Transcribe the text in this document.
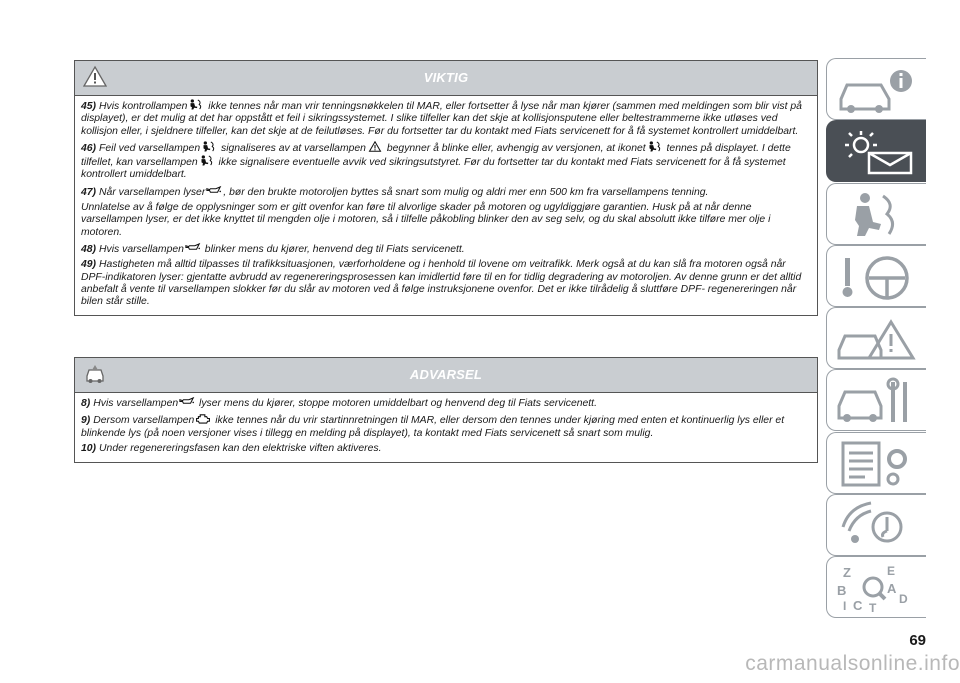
VIKTIG

45) Hvis kontrollampen
ikke tennes når man vrir tenningsnøkkelen til MAR, eller fortsetter å lyse når man kjører (sammen med meldingen som blir vist på displayet), er det mulig at det har oppstått et feil i sikringssystemet. I slike tilfeller kan det skje at kollisjonsputene eller beltestrammerne ikke utløses ved kollisjon eller, i sjeldnere tilfeller, kan det skje at de feilutløses. Før du fortsetter tar du kontakt med Fiats servicenett for å få systemet kontrollert umiddelbart.

46) Feil ved varsellampen
signaliseres av at varsellampen
begynner å blinke eller, avhengig av versjonen, at ikonet
tennes på displayet. I dette tilfellet, kan varsellampen
ikke signalisere eventuelle avvik ved sikringsutstyret. Før du fortsetter tar du kontakt med Fiats servicenett for å få systemet kontrollert umiddelbart.

47) Når varsellampen lyser , bør den brukte motoroljen byttes så snart som mulig og aldri mer enn 500 km fra varsellampens tenning.

Unnlatelse av å følge de opplysninger som er gitt ovenfor kan føre til alvorlige skader på motoren og ugyldiggjøre garantien. Husk på at når denne varsellampen lyser, er det ikke knyttet til mengden olje i motoren, så i tilfelle påkobling blinker den av seg selv, og du skal absolutt ikke tilføre mer olje i motoren.

48) Hvis varsellampen
blinker mens du kjører, henvend deg til Fiats servicenett.

49) Hastigheten må alltid tilpasses til trafikksituasjonen, værforholdene og i henhold til lovene om veitrafikk. Merk også at du kan slå fra motoren også når DPF-indikatoren lyser: gjentatte avbrudd av regenereringsprosessen kan imidlertid føre til en for tidlig degradering av motoroljen. Av denne grunn er det alltid anbefalt å vente til varsellampen slokker før du slår av motoren ved å følge instruksjonene ovenfor. Det er ikke tilrådelig å sluttføre DPF- regenereringen når bilen står stille.

ADVARSEL

8) Hvis varsellampen
lyser mens du kjører, stoppe motoren umiddelbart og henvend deg til Fiats servicenett.

9) Dersom varsellampen
ikke tennes når du vrir startinnretningen til MAR, eller dersom den tennes under kjøring med enten et kontinuerlig lys eller et blinkende lys (på noen versjoner vises i tillegg en melding på displayet), ta kontakt med Fiats servicenett så snart som mulig.

10) Under regenereringsfasen kan den elektriske viften aktiveres.

Z	E
B	A
C T
D
I
69
carmanualsonline.info
